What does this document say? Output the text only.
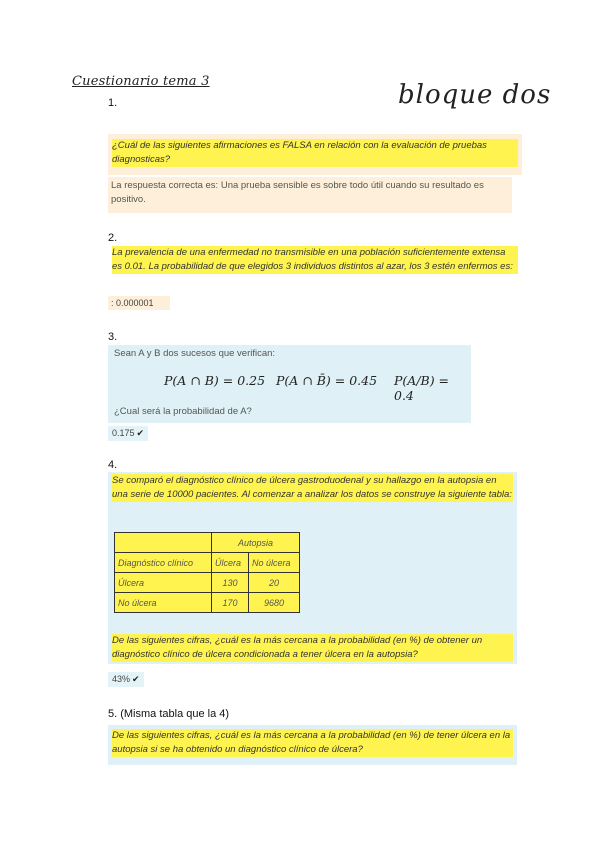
Cuestionario tema 3	bloque dos
1.
¿Cuál de las siguientes afirmaciones es FALSA en relación con la evaluación de pruebas diagnosticas?
La respuesta correcta es: Una prueba sensible es sobre todo útil cuando su resultado es positivo.
2.
La prevalencia de una enfermedad no transmisible en una población suficientemente extensa es 0.01. La probabilidad de que elegidos 3 individuos distintos al azar, los 3 estén enfermos es:
: 0.000001
3.
Sean A y B dos sucesos que verifican:
P(A ∩ B) = 0.25 P(A ∩ B̄) = 0.45 P(A/B) = 0.4
¿Cual será la probabilidad de A?
0.175 ✔
4.
Se comparó el diagnóstico clínico de úlcera gastroduodenal y su hallazgo en la autopsia en una serie de 10000 pacientes. Al comenzar a analizar los datos se construye la siguiente tabla:
	Autopsia	
Diagnóstico clínico	Úlcera	No úlcera
Úlcera	130	20
No úlcera	170	9680
De las siguientes cifras, ¿cuál es la más cercana a la probabilidad (en %) de obtener un diagnóstico clínico de úlcera condicionada a tener úlcera en la autopsia?
43% ✔
5. (Misma tabla que la 4)
De las siguientes cifras, ¿cuál es la más cercana a la probabilidad (en %) de tener úlcera en la autopsia si se ha obtenido un diagnóstico clínico de úlcera?
